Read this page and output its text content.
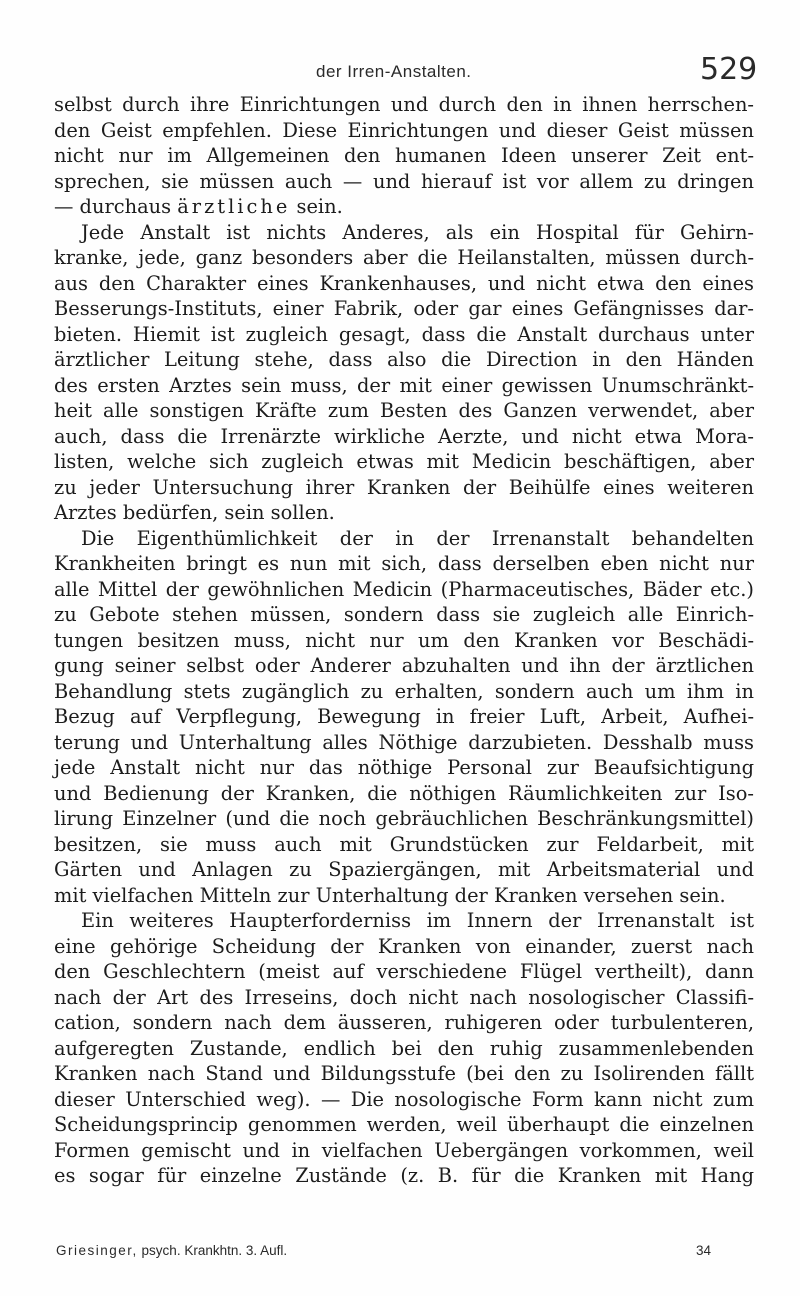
der Irren-Anstalten.	529
selbst durch ihre Einrichtungen und durch den in ihnen herrschen-
den Geist empfehlen. Diese Einrichtungen und dieser Geist müssen
nicht nur im Allgemeinen den humanen Ideen unserer Zeit ent-
sprechen, sie müssen auch — und hierauf ist vor allem zu dringen
— durchaus ärztliche sein.
Jede Anstalt ist nichts Anderes, als ein Hospital für Gehirn-
kranke, jede, ganz besonders aber die Heilanstalten, müssen durch-
aus den Charakter eines Krankenhauses, und nicht etwa den eines
Besserungs-Instituts, einer Fabrik, oder gar eines Gefängnisses dar-
bieten. Hiemit ist zugleich gesagt, dass die Anstalt durchaus unter
ärztlicher Leitung stehe, dass also die Direction in den Händen
des ersten Arztes sein muss, der mit einer gewissen Unumschränkt-
heit alle sonstigen Kräfte zum Besten des Ganzen verwendet, aber
auch, dass die Irrenärzte wirkliche Aerzte, und nicht etwa Mora-
listen, welche sich zugleich etwas mit Medicin beschäftigen, aber
zu jeder Untersuchung ihrer Kranken der Beihülfe eines weiteren
Arztes bedürfen, sein sollen.
Die Eigenthümlichkeit der in der Irrenanstalt behandelten
Krankheiten bringt es nun mit sich, dass derselben eben nicht nur
alle Mittel der gewöhnlichen Medicin (Pharmaceutisches, Bäder etc.)
zu Gebote stehen müssen, sondern dass sie zugleich alle Einrich-
tungen besitzen muss, nicht nur um den Kranken vor Beschädi-
gung seiner selbst oder Anderer abzuhalten und ihn der ärztlichen
Behandlung stets zugänglich zu erhalten, sondern auch um ihm in
Bezug auf Verpflegung, Bewegung in freier Luft, Arbeit, Aufhei-
terung und Unterhaltung alles Nöthige darzubieten. Desshalb muss
jede Anstalt nicht nur das nöthige Personal zur Beaufsichtigung
und Bedienung der Kranken, die nöthigen Räumlichkeiten zur Iso-
lirung Einzelner (und die noch gebräuchlichen Beschränkungsmittel)
besitzen, sie muss auch mit Grundstücken zur Feldarbeit, mit
Gärten und Anlagen zu Spaziergängen, mit Arbeitsmaterial und
mit vielfachen Mitteln zur Unterhaltung der Kranken versehen sein.
Ein weiteres Haupterforderniss im Innern der Irrenanstalt ist
eine gehörige Scheidung der Kranken von einander, zuerst nach
den Geschlechtern (meist auf verschiedene Flügel vertheilt), dann
nach der Art des Irreseins, doch nicht nach nosologischer Classifi-
cation, sondern nach dem äusseren, ruhigeren oder turbulenteren,
aufgeregten Zustande, endlich bei den ruhig zusammenlebenden
Kranken nach Stand und Bildungsstufe (bei den zu Isolirenden fällt
dieser Unterschied weg). — Die nosologische Form kann nicht zum
Scheidungsprincip genommen werden, weil überhaupt die einzelnen
Formen gemischt und in vielfachen Uebergängen vorkommen, weil
es sogar für einzelne Zustände (z. B. für die Kranken mit Hang
Griesinger, psych. Krankhtn. 3. Aufl.	34
